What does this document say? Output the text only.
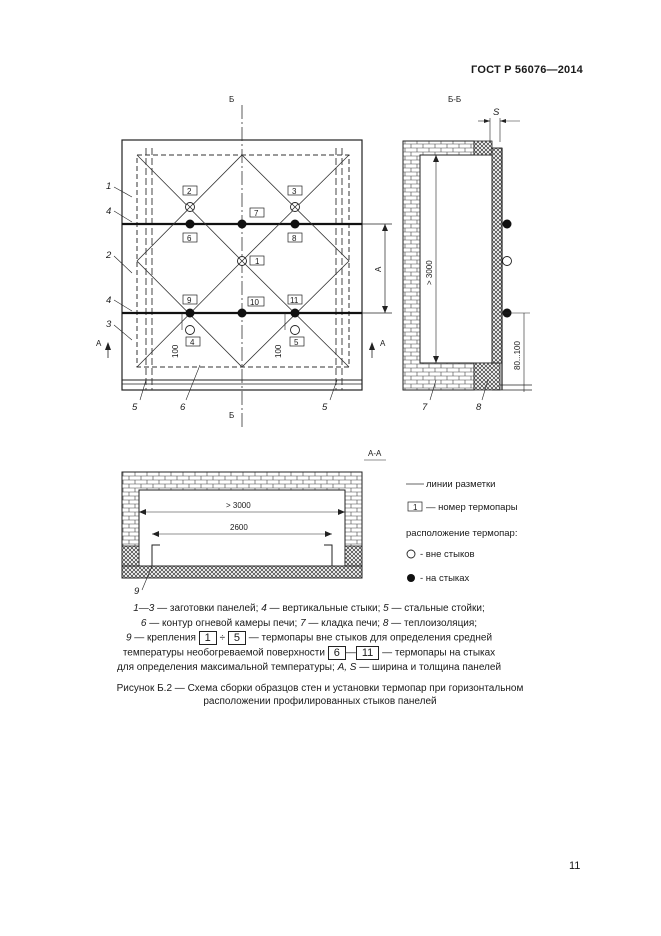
ГОСТ Р 56076—2014
Б
Б
А	А
2	3
7
6	8
1
9	10	11
4	5
100	100
А
1
4
2
4
3
5	6	5
Б-Б
S
> 3000
80...100
7	8
А-А
> 3000
2600
9
линии разметки
1 — номер термопары
расположение термопар:
- вне стыков
- на стыках
1—3 — заготовки панелей; 4 — вертикальные стыки; 5 — стальные стойки;
6 — контур огневой камеры печи; 7 — кладка печи; 8 — теплоизоляция;
9 — крепления 1 ÷ 5 — термопары вне стыков для определения средней
температуры необогреваемой поверхности 6 — 11 — термопары на стыках
для определения максимальной температуры; А, S — ширина и толщина панелей
Рисунок Б.2 — Схема сборки образцов стен и установки термопар при горизонтальном
расположении профилированных стыков панелей
11
